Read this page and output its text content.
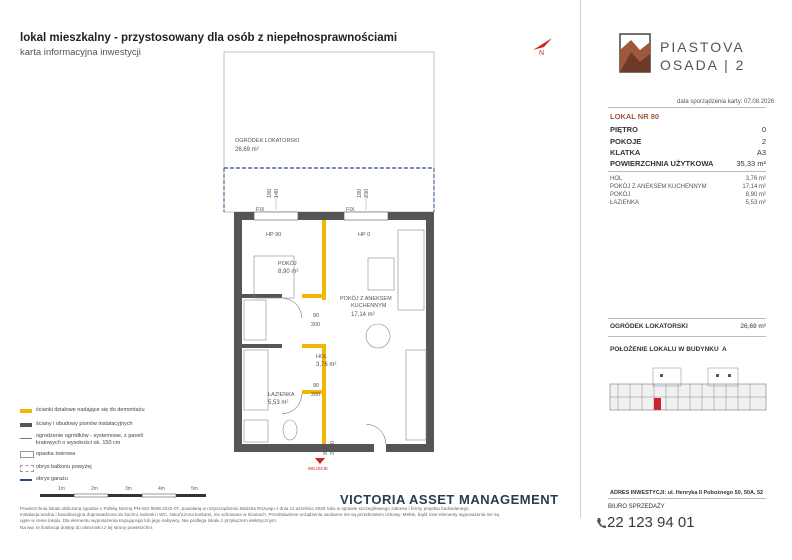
lokal mieszkalny - przystosowany dla osób z niepełnosprawnościami
karta informacyjna inwestycji	N	PIASTOVA
OSADA | 2
data sporządzenia karty: 07.08.2026
LOKAL NR 80
PIĘTRO	0
POKOJE	2
KLATKA	A3
POWIERZCHNIA UŻYTKOWA	35,33 m²
HOL	3,76 m²
POKÓJ Z ANEKSEM KUCHENNYM	17,14 m²
POKÓJ	8,90 m²
ŁAZIENKA	5,53 m²
OGRÓDEK LOKATORSKI	26,69 m²
POŁOŻENIE LOKALU W BUDYNKU  A
ADRES INWESTYCJI: ul. Henryka II Pobożnego 50, 50A, 52
BIURO SPRZEDAŻY
22 123 94 01
OGRÓDEK LOKATORSKI
26,69 m²
FIX	FIX
HP 90	HP 0
180 140	180 230
POKÓJ
8,90 m²
POKÓJ Z ANEKSEM
KUCHENNYM
17,14 m²
90
200
HOL
3,76 m²
90
200
ŁAZIENKA
5,53 m²
92,8 200,0
WEJŚCIE
ścianki działowe nadające się do demontażu
ściany i obudowy pionów instalacyjnych
ogrodzenie ogródków - systemowe, z paneli
kratowych o wysokości ok. 150 cm
opaska żwirowa
obrys balkonu powyżej
obrys garażu
1m	2m	3m	4m	5m
VICTORIA ASSET MANAGEMENT
Powierzchnia lokalu obliczona zgodnie z Polską Normą PN-ISO 9836:2022-07, powołaną w rozporządzeniu Ministra Rozwoju z dnia 11 września 2020 roku w sprawie szczegółowego zakresu i formy projektu budowlanego.
Instalacja wodna i kanalizacyjna doprowadzona do kuchni, łazienki i WC, zakończona korkami, nie schowane w ścianach. Przedstawione urządzenia sanitarne nie są przedmiotem Umowy. Meble, bądź inne elementy wyposażenia nie są
ujęte w cenie lokalu. Dla elementu wyposażenia Kupującego lub jego nabywcy. Nie podlega lokalu z przyłączem elektrycznym.
Na ww. te ilustracja dostęp do obecności z tej strony powierzchni.
